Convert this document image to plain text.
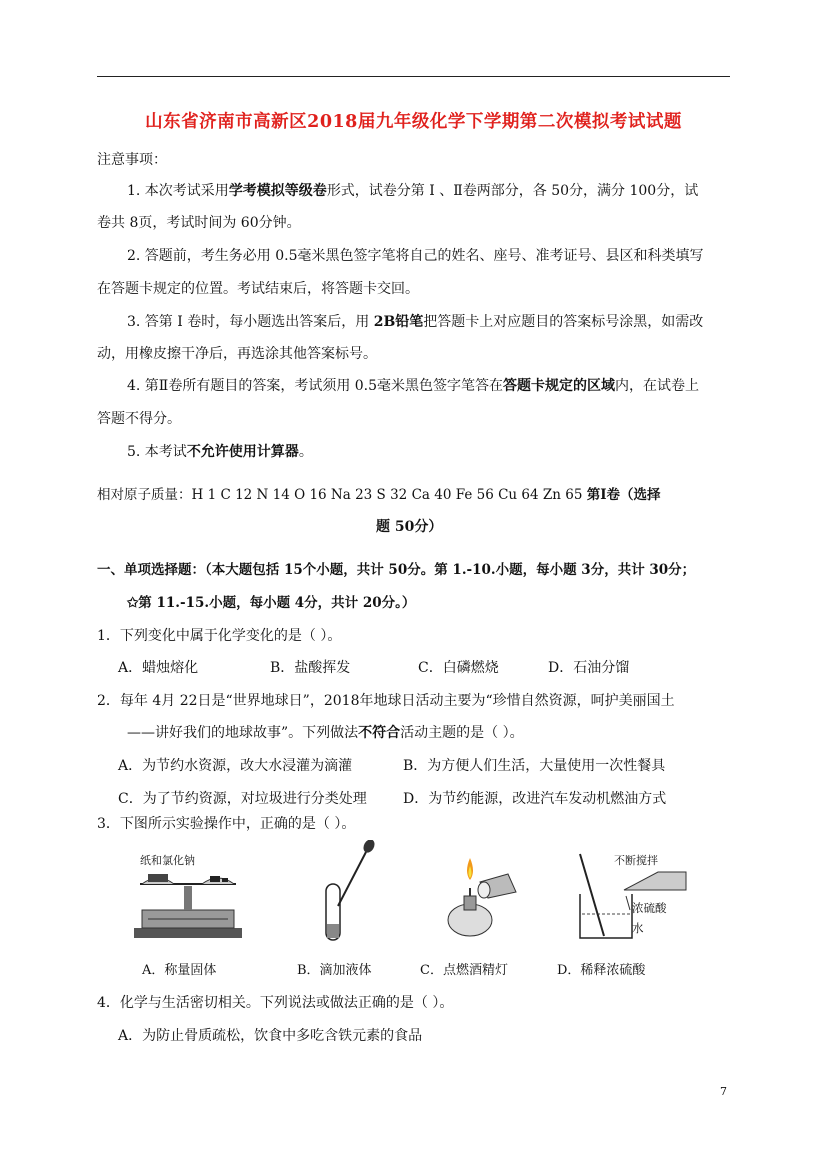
山东省济南市高新区2018届九年级化学下学期第二次模拟考试试题
注意事项：
1. 本次考试采用学考模拟等级卷形式，试卷分第 Ⅰ 、Ⅱ卷两部分，各 50分，满分 100分，试
卷共 8页，考试时间为 60分钟。
2. 答题前，考生务必用 0.5毫米黑色签字笔将自己的姓名、座号、准考证号、县区和科类填写
在答题卡规定的位置。考试结束后，将答题卡交回。
3. 答第 Ⅰ 卷时，每小题选出答案后，用 2B铅笔把答题卡上对应题目的答案标号涂黑，如需改
动，用橡皮擦干净后，再选涂其他答案标号。
4. 第Ⅱ卷所有题目的答案，考试须用 0.5毫米黑色签字笔答在答题卡规定的区域内，在试卷上
答题不得分。
5. 本考试不允许使用计算器。
相对原子质量：H 1 C 12 N 14 O 16 Na 23 S 32 Ca 40 Fe 56 Cu 64 Zn 65 第Ⅰ卷（选择
题 50分）
一、单项选择题：（本大题包括 15个小题，共计 50分。第 1.-10.小题，每小题 3分，共计 30分；
✩第 11.-15.小题，每小题 4分，共计 20分。）
1．下列变化中属于化学变化的是（ ）。
A．蜡烛熔化	B．盐酸挥发	C．白磷燃烧	D．石油分馏
2．每年 4月 22日是“世界地球日”，2018年地球日活动主要为“珍惜自然资源，呵护美丽国土
——讲好我们的地球故事”。下列做法不符合活动主题的是（ ）。
A．为节约水资源，改大水浸灌为滴灌	B．为方便人们生活，大量使用一次性餐具
C．为了节约资源，对垃圾进行分类处理	D．为节约能源，改进汽车发动机燃油方式
3．下图所示实验操作中，正确的是（ ）。
纸和氯化钠	不断搅拌
浓硫酸
水
A．称量固体	B．滴加液体	C．点燃酒精灯	D．稀释浓硫酸
4．化学与生活密切相关。下列说法或做法正确的是（ ）。
A．为防止骨质疏松，饮食中多吃含铁元素的食品
7
